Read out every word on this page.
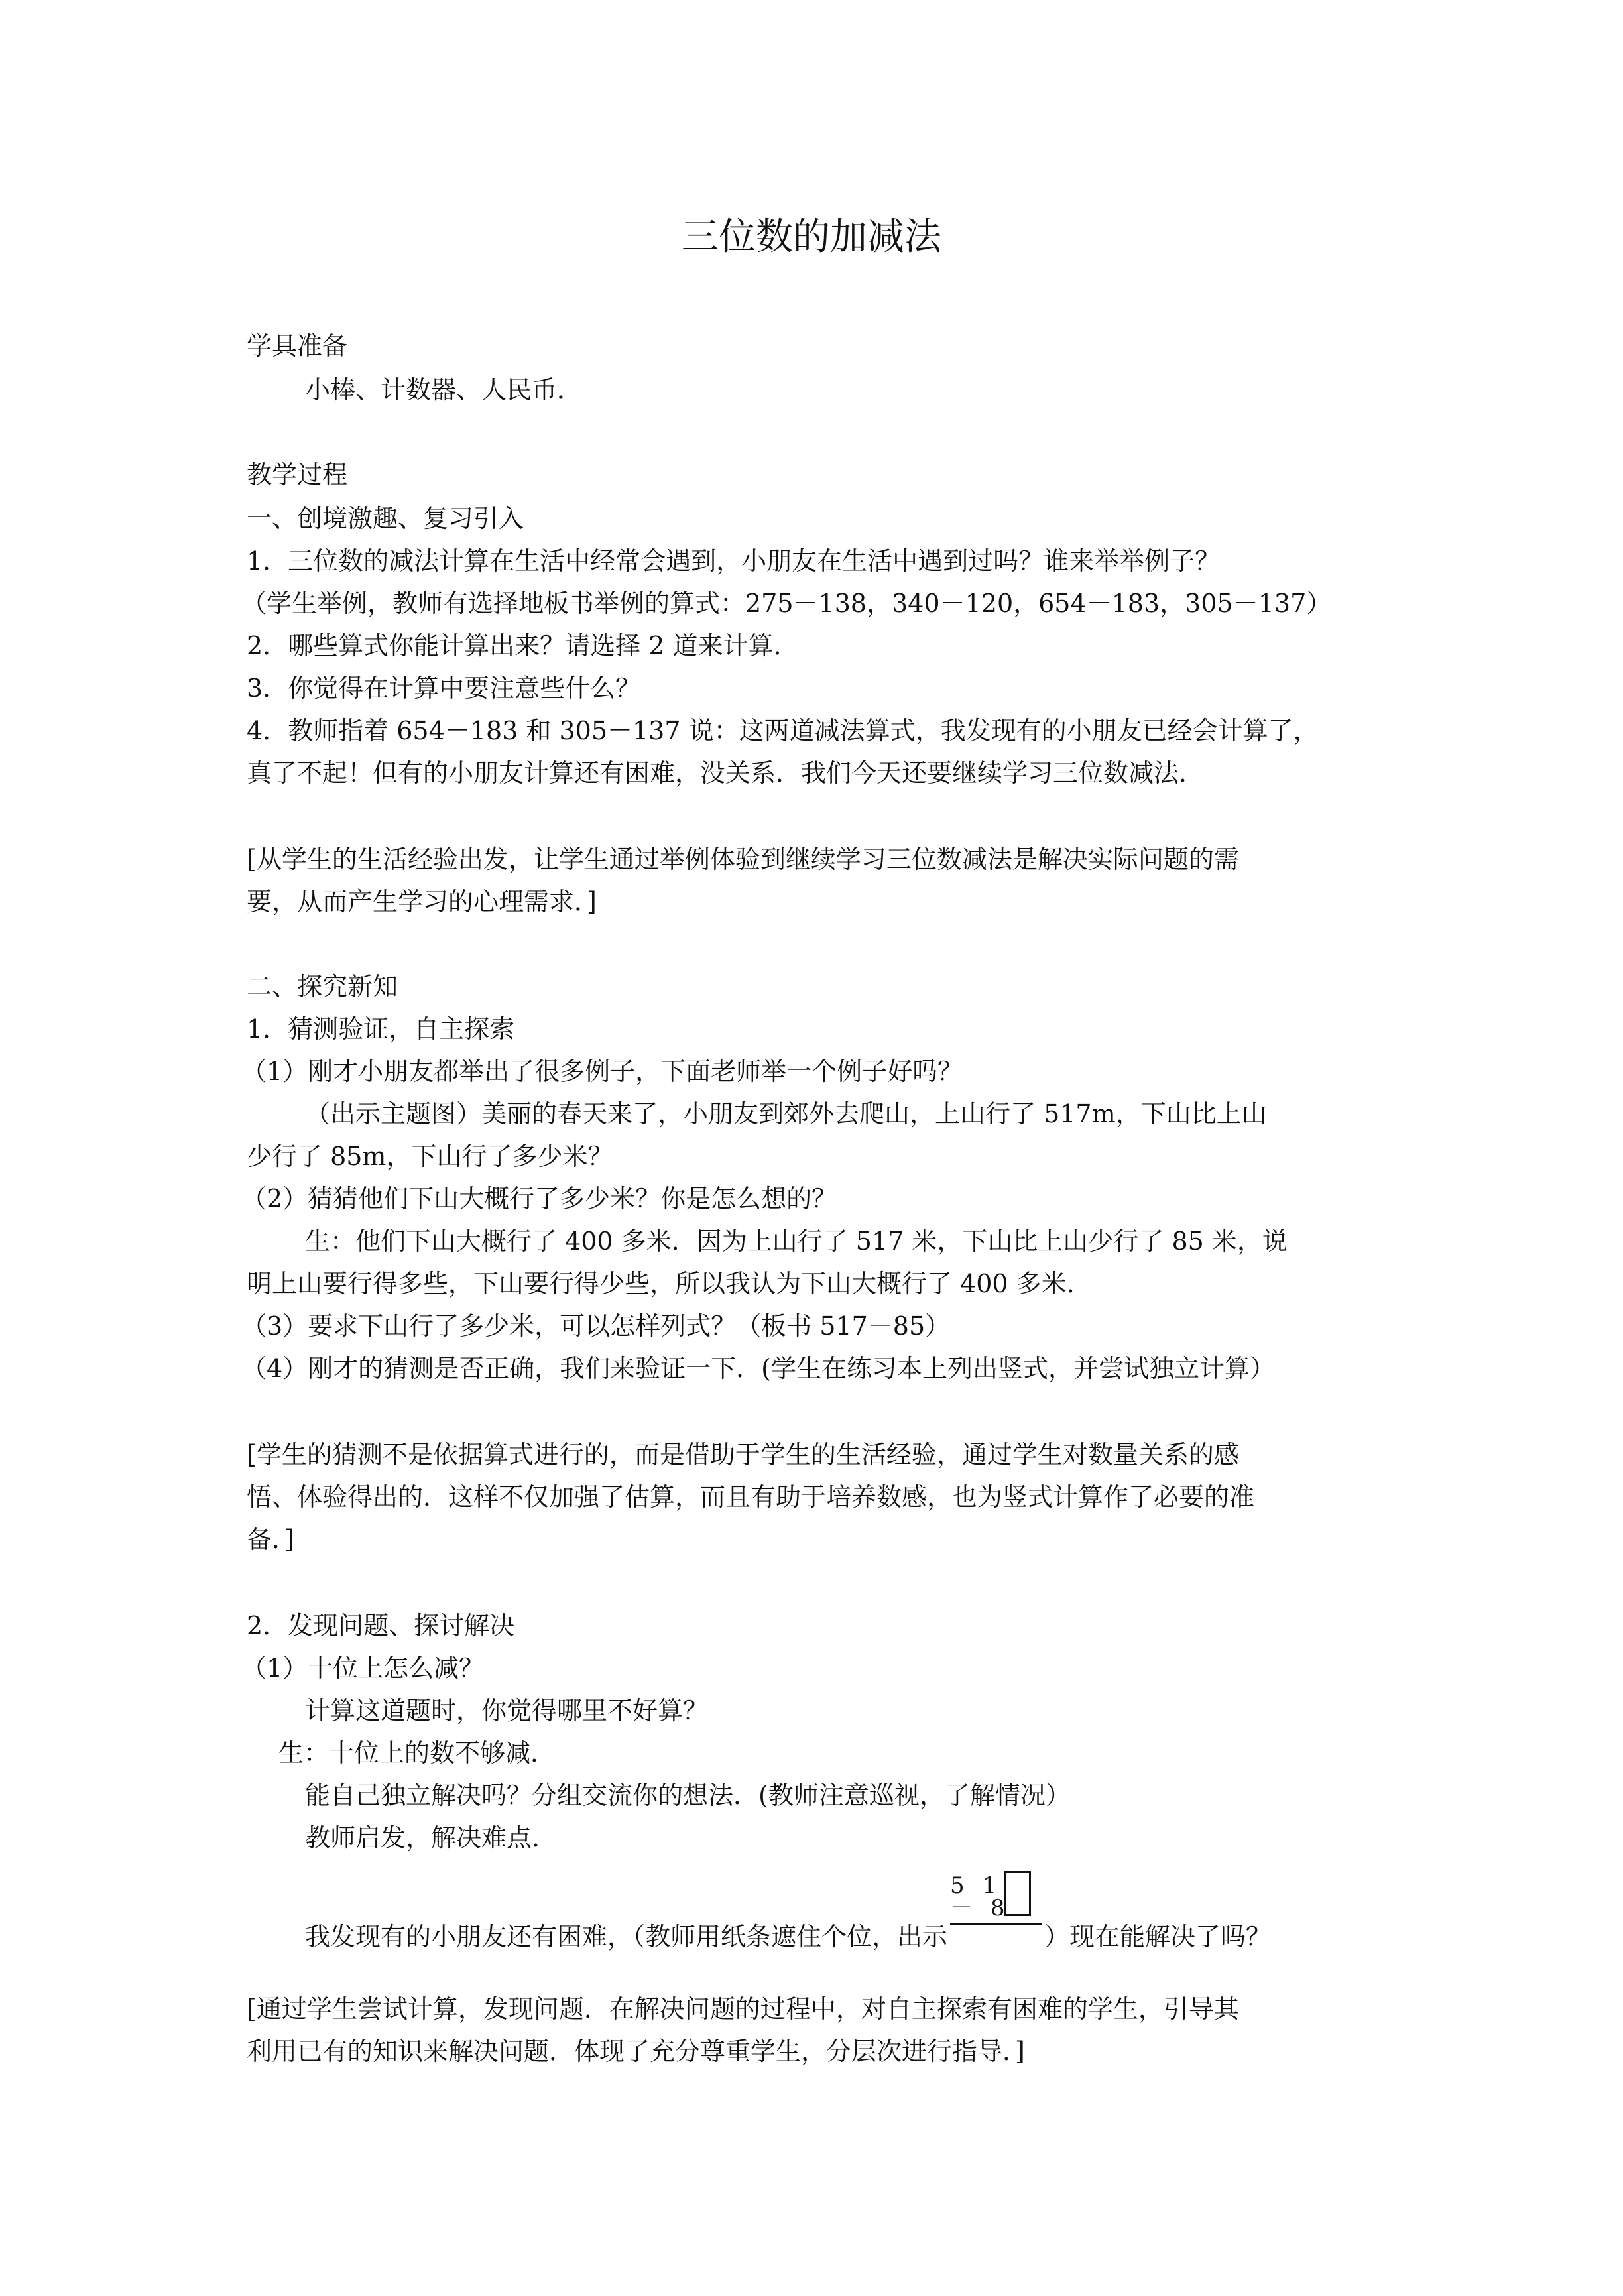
三位数的加减法
学具准备
小棒、计数器、人民币．
教学过程
一、创境激趣、复习引入
1．三位数的减法计算在生活中经常会遇到，小朋友在生活中遇到过吗？谁来举举例子？
（学生举例，教师有选择地板书举例的算式：275－138，340－120，654－183，305－137）
2．哪些算式你能计算出来？请选择 2 道来计算．
3．你觉得在计算中要注意些什么？
4．教师指着 654－183 和 305－137 说：这两道减法算式，我发现有的小朋友已经会计算了，
真了不起！但有的小朋友计算还有困难，没关系．我们今天还要继续学习三位数减法．
[从学生的生活经验出发，让学生通过举例体验到继续学习三位数减法是解决实际问题的需
要，从而产生学习的心理需求．]
二、探究新知
1．猜测验证，自主探索
（1）刚才小朋友都举出了很多例子，下面老师举一个例子好吗？
（出示主题图）美丽的春天来了，小朋友到郊外去爬山，上山行了 517m，下山比上山
少行了 85m，下山行了多少米？
（2）猜猜他们下山大概行了多少米？你是怎么想的？
生：他们下山大概行了 400 多米．因为上山行了 517 米，下山比上山少行了 85 米，说
明上山要行得多些，下山要行得少些，所以我认为下山大概行了 400 多米．
（3）要求下山行了多少米，可以怎样列式？（板书 517－85）
（4）刚才的猜测是否正确，我们来验证一下．(学生在练习本上列出竖式，并尝试独立计算）
[学生的猜测不是依据算式进行的，而是借助于学生的生活经验，通过学生对数量关系的感
悟、体验得出的．这样不仅加强了估算，而且有助于培养数感，也为竖式计算作了必要的准
备．]
2．发现问题、探讨解决
（1）十位上怎么减？
计算这道题时，你觉得哪里不好算？
生：十位上的数不够减．
能自己独立解决吗？分组交流你的想法．(教师注意巡视，了解情况）
教师启发，解决难点．
我发现有的小朋友还有困难，（教师用纸条遮住个位，出示
5 1
－ 8
）现在能解决了吗？
[通过学生尝试计算，发现问题．在解决问题的过程中，对自主探索有困难的学生，引导其
利用已有的知识来解决问题．体现了充分尊重学生，分层次进行指导．]
